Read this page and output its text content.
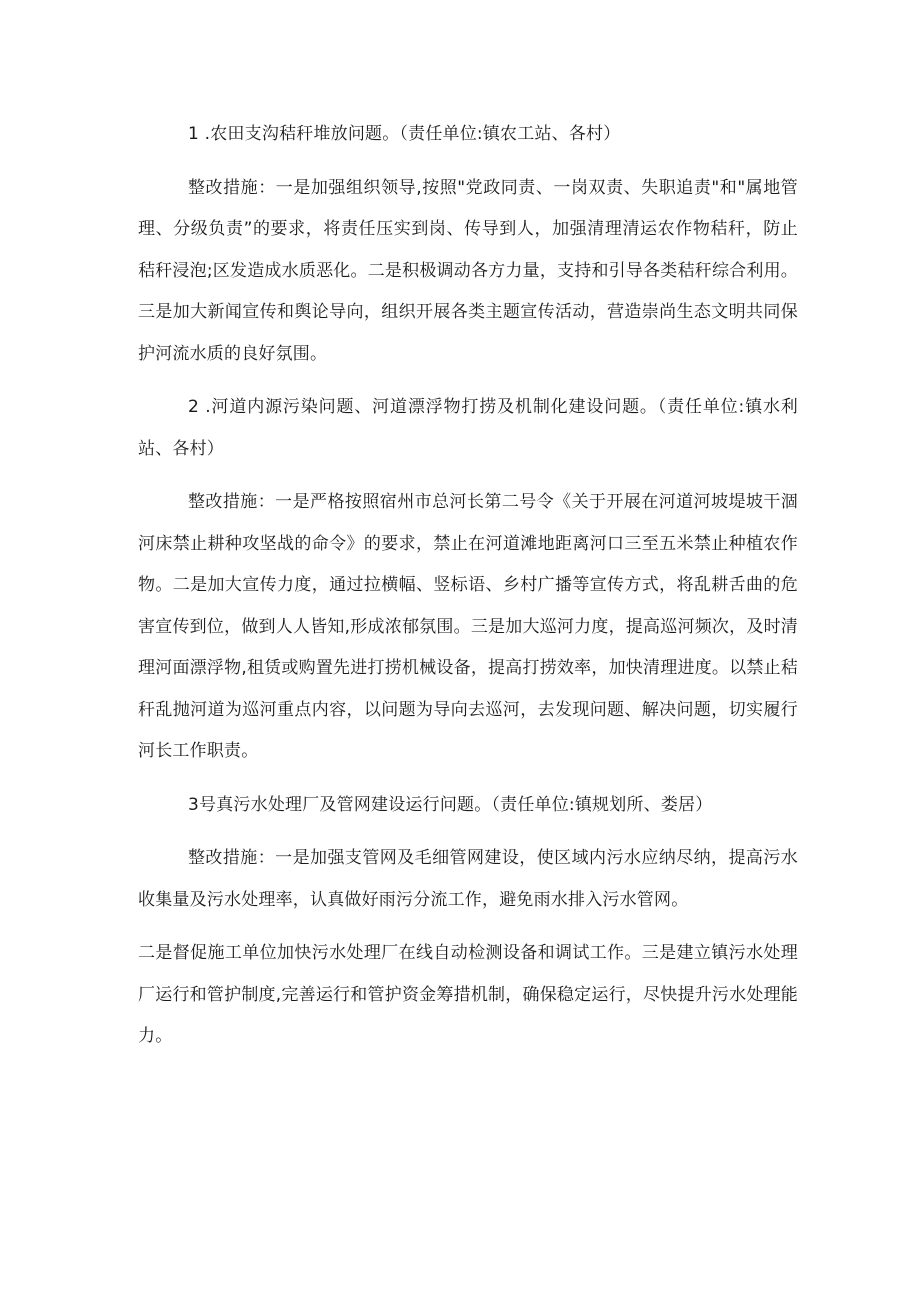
1 .农田支沟秸秆堆放问题。（责任单位:镇农工站、各村）

整改措施：一是加强组织领导,按照"党政同责、一岗双责、失职追责"和"属地管理、分级负责”的要求，将责任压实到岗、传导到人，加强清理清运农作物秸秆，防止秸秆浸泡;区发造成水质恶化。二是积极调动各方力量，支持和引导各类秸秆综合利用。三是加大新闻宣传和舆论导向，组织开展各类主题宣传活动，营造崇尚生态文明共同保护河流水质的良好氛围。

2 .河道内源污染问题、河道漂浮物打捞及机制化建设问题。（责任单位:镇水利站、各村）

整改措施：一是严格按照宿州市总河长第二号令《关于开展在河道河坡堤坡干涸河床禁止耕种攻坚战的命令》的要求，禁止在河道滩地距离河口三至五米禁止种植农作物。二是加大宣传力度，通过拉横幅、竖标语、乡村广播等宣传方式，将乱耕舌曲的危害宣传到位，做到人人皆知,形成浓郁氛围。三是加大巡河力度，提高巡河频次，及时清理河面漂浮物,租赁或购置先进打捞机械设备，提高打捞效率，加快清理进度。以禁止秸秆乱抛河道为巡河重点内容，以问题为导向去巡河，去发现问题、解决问题，切实履行河长工作职责。

3号真污水处理厂及管网建设运行问题。（责任单位:镇规划所、娄居）

整改措施：一是加强支管网及毛细管网建设，使区域内污水应纳尽纳，提高污水收集量及污水处理率，认真做好雨污分流工作，避免雨水排入污水管网。

二是督促施工单位加快污水处理厂在线自动检测设备和调试工作。三是建立镇污水处理厂运行和管护制度,完善运行和管护资金筹措机制，确保稳定运行，尽快提升污水处理能力。
